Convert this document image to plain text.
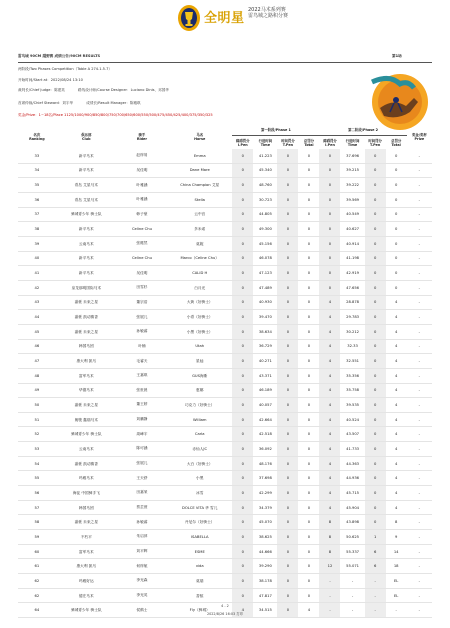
全明星
2022马术系列赛 雷鸟城之路积分赛
雷鸟城 90CM 越野赛 成绩公告/90CM RESULTS	第1场
两阶段/Two Phases Competition（Table A 274.1.5.7）
开始时间/Start at：2022/08/24 13:10
裁判长/Chief Judge：陈建英	路线设计师/Course Designer：Luciano Dinis、邓国华
首席仲裁/Chief Steward：刘宇华	成绩长/Result Manager：陈雅琪
奖金/Prize：1~18名/Place 1125/1000/900/850/800/750/700/650/600/550/500/475/450/425/400/375/350/325
名次
Ranking	俱乐部
Club	骑手
Rider	马名
Horse	第一阶段/Phase 1				第二阶段/Phase 2				奖金/奖杯
Prize
				障碍罚分
I.Pen	行进时间
Time	时间罚分
T.Pen	总罚分
Total	障碍罚分
I.Pen	行进时间
Time	时间罚分
T.Pen	总罚分
Total	
33	新平马术	赵梓易	Emma	0	41.223	0	0	0	37.696	0	0	-
34	新平马术	吴佳明	Dane Mare	0	45.340	0	0	0	39.215	0	0	-
35	青岛 艾星马术	叶雅涵	China Champion 艾星	0	48.760	0	0	0	39.222	0	0	-
36	青岛 艾星马术	叶雅涵	Stella	0	30.723	0	0	0	39.569	0	0	-
37	骑城青少年 骑士队	韩子豪	云中宫	0	44.805	0	0	0	40.549	0	0	-
38	新平马术	Celine Chu	多米诺	0	49.300	0	0	0	40.627	0	0	-
39	云南马术	张懿然	莫妮	0	45.156	0	0	0	40.914	0	0	-
40	新平马术	Celine Chu	Marco（Celine Chu）	0	46.078	0	0	0	41.198	0	0	-
41	新平马术	吴佳明	CALID H	0	47.123	0	0	0	42.919	0	0	-
42	皇龙那明国际马术	田雪杉	白月光	0	47.489	0	0	0	47.656	0	0	-
43	嘉豪 未来之星	董宗浩	大黄（好骑士）	0	40.930	0	0	4	28.878	0	4	-
44	嘉豪 凯动赛香	张展儿	小青（好骑士）	0	39.470	0	0	4	29.783	0	4	-
45	嘉豪 未来之星	孙敏睿	小黑（好骑士）	0	38.634	0	0	4	30.212	0	4	-
46	韩国马团	叶楠	Utah	0	36.729	0	0	4	32.33	0	4	-
47	康大利 凯马	毛睿天	星灿	0	40.271	0	0	4	32.551	0	4	-
48	富军马术	王嘉琪	GUS海斯	0	43.371	0	0	4	35.356	0	4	-
49	华德马术	张世晨	惠娜	0	46.189	0	0	4	35.758	0	4	-
50	嘉豪 未来之星	董王婷	巧克力（好骑士）	0	40.057	0	0	4	39.535	0	4	-
51	朗骏 鑫瑞马术	刘鹏静	William	0	42.664	0	0	4	40.524	0	4	-
52	骑城青少年 骑士队	周峰宇	Carla	0	42.518	0	0	4	43.507	0	4	-
53	云南马术	陈可涵	赤仙人JC	0	36.092	0	0	4	41.733	0	4	-
54	嘉豪 凯动赛香	张展儿	大白（好骑士）	0	48.176	0	0	4	44.363	0	4	-
55	玛雅马术	王天舒	小黑	0	37.698	0	0	4	44.936	0	4	-
56	海淀 中国骑手飞	田嘉茉	冰雪	0	42.299	0	0	4	45.715	0	4	-
57	韩国马团	蔡芷萱	DOLCE VITA 华 雪儿	0	34.379	0	0	4	45.904	0	4	-
58	嘉豪 未来之星	孙敏睿	丹尼尔（好骑士）	0	45.070	0	0	8	43.898	0	8	-
59	不朽平	朱启萍	ISABELLA	0	38.625	0	0	8	50.625	1	9	-
60	富军马术	刘平辉	ESME	0	44.666	0	0	8	55.337	6	14	-
61	康大利 凯马	何梓航	vida	0	39.290	0	0	12	55.071	6	18	-
62	玛雅好运	李光森	莫瑞	0	38.178	0	0	-	-	-	EL	-
62	德庄马术	李光英	香槟	0	47.817	0	0	-	-	-	EL	-
64	骑城青少年 骑士队	侯鹤士	Fly（骑城）	4	34.515	0	4	-	-	-	-	-
4 - 2
2022/8/26 16:03 打印
